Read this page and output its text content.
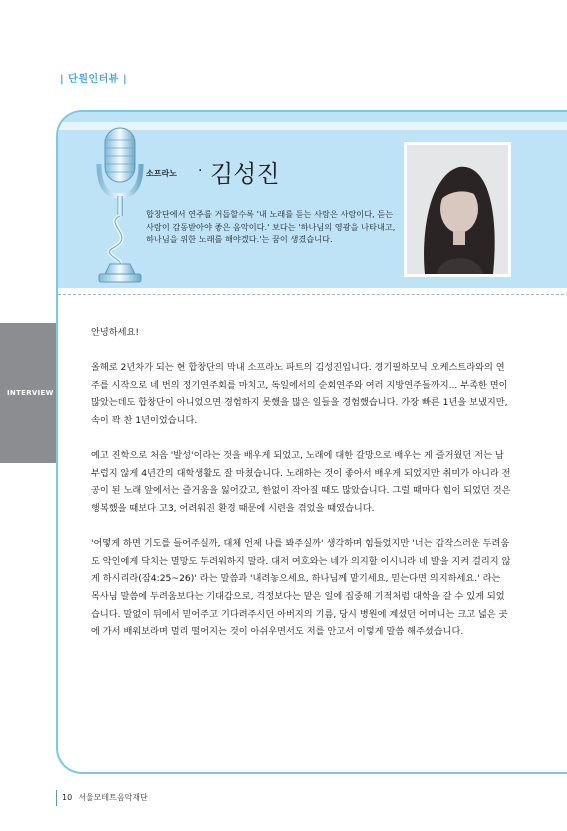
| 단원인터뷰 |
INTERVIEW
소프라노 · 김성진
합창단에서 연주를 거듭할수록 '내 노래를 듣는 사람은 사람이다, 듣는 사람이 감동받아야 좋은 음악이다.' 보다는 '하나님의 영광을 나타내고, 하나님을 위한 노래를 해야겠다.'는 꿈이 생겼습니다.

안녕하세요!

올해로 2년차가 되는 현 합창단의 막내 소프라노 파트의 김성진입니다. 경기필하모닉 오케스트라와의 연주를 시작으로 네 번의 정기연주회를 마치고, 독일에서의 순회연주와 여러 지방연주들까지... 부족한 면이 많았는데도 합창단이 아니었으면 경험하지 못했을 많은 일들을 경험했습니다. 가장 빠른 1년을 보냈지만, 속이 꽉 찬 1년이었습니다.

예고 진학으로 처음 '발성'이라는 것을 배우게 되었고, 노래에 대한 갈망으로 배우는 게 즐거웠던 저는 남부럽지 않게 4년간의 대학생활도 잘 마쳤습니다. 노래하는 것이 좋아서 배우게 되었지만 취미가 아니라 전공이 된 노래 앞에서는 즐거움을 잃어갔고, 한없이 작아질 때도 많았습니다. 그럴 때마다 힘이 되었던 것은 행복했을 때보다 고3, 어려워진 환경 때문에 시련을 겪었을 때였습니다.

'어떻게 하면 기도를 들어주실까, 대체 언제 나를 봐주실까' 생각하며 힘들었지만 '너는 갑작스러운 두려움도 악인에게 닥치는 멸망도 두려워하지 말라. 대저 여호와는 네가 의지할 이시니라 네 발을 지켜 걸리지 않게 하시리라(잠4:25~26)' 라는 말씀과 '내려놓으세요, 하나님께 맡기세요, 믿는다면 의지하세요.' 라는 목사님 말씀에 두려움보다는 기대감으로, 걱정보다는 맡은 일에 집중해 기적처럼 대학을 갈 수 있게 되었습니다. 말없이 뒤에서 믿어주고 기다려주시던 아버지의 기름, 당시 병원에 계셨던 어머니는 크고 넓은 곳에 가서 배워보라며 멀리 떨어지는 것이 아쉬우면서도 저를 안고서 이렇게 말씀 해주셨습니다.

10 서울모테트음악재단
